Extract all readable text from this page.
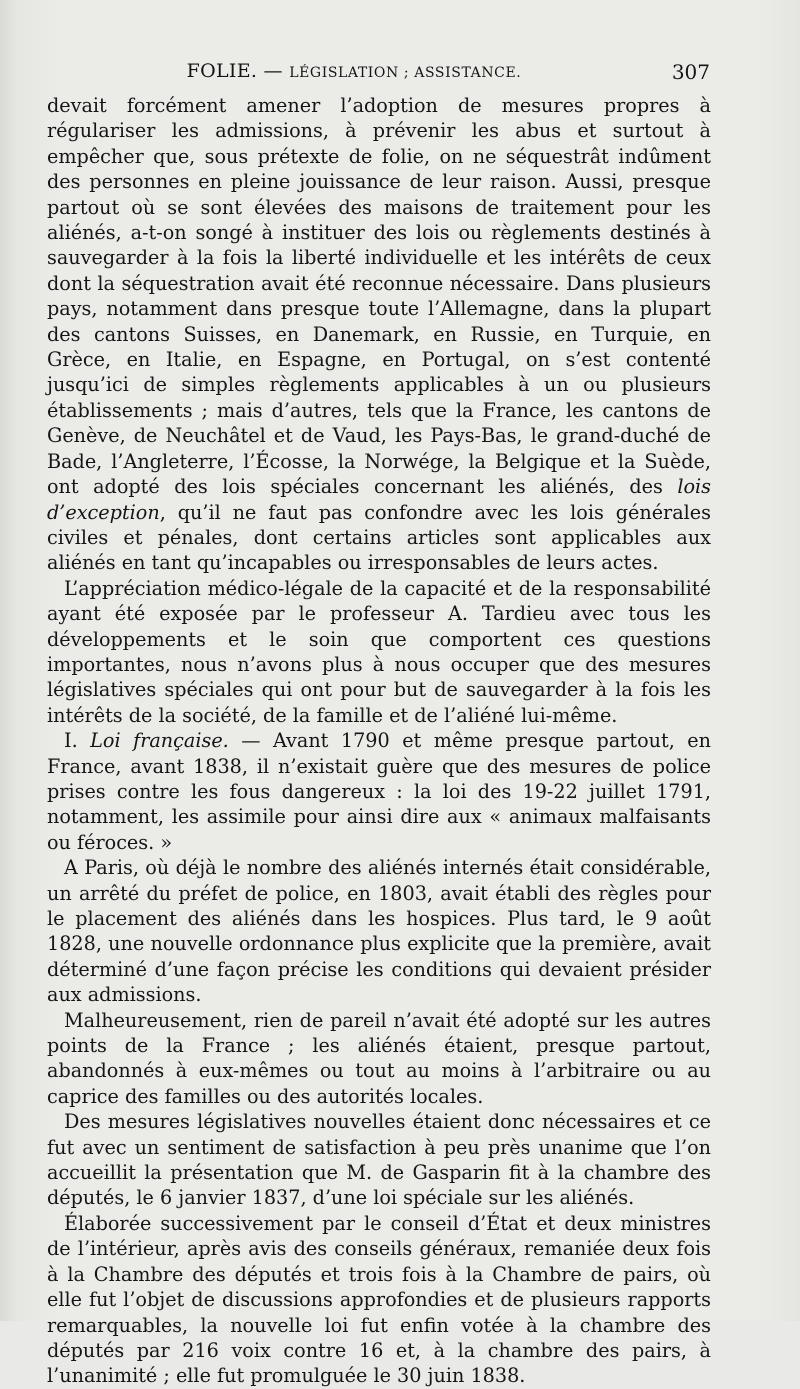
FOLIE. — LÉGISLATION ; ASSISTANCE.	307

devait forcément amener l’adoption de mesures propres à régulariser les admissions, à prévenir les abus et surtout à empêcher que, sous prétexte de folie, on ne séquestrât indûment des personnes en pleine jouissance de leur raison. Aussi, presque partout où se sont élevées des maisons de traitement pour les aliénés, a-t-on songé à instituer des lois ou règlements destinés à sauvegarder à la fois la liberté individuelle et les intérêts de ceux dont la séquestration avait été reconnue nécessaire. Dans plusieurs pays, notamment dans presque toute l’Allemagne, dans la plupart des cantons Suisses, en Danemark, en Russie, en Turquie, en Grèce, en Italie, en Espagne, en Portugal, on s’est contenté jusqu’ici de simples règlements applicables à un ou plusieurs établissements ; mais d’autres, tels que la France, les cantons de Genève, de Neuchâtel et de Vaud, les Pays-Bas, le grand-duché de Bade, l’Angleterre, l’Écosse, la Norwége, la Belgique et la Suède, ont adopté des lois spéciales concernant les aliénés, des lois d’exception, qu’il ne faut pas confondre avec les lois générales civiles et pénales, dont certains articles sont applicables aux aliénés en tant qu’incapables ou irresponsables de leurs actes.

L’appréciation médico-légale de la capacité et de la responsabilité ayant été exposée par le professeur A. Tardieu avec tous les développements et le soin que comportent ces questions importantes, nous n’avons plus à nous occuper que des mesures législatives spéciales qui ont pour but de sauvegarder à la fois les intérêts de la société, de la famille et de l’aliéné lui-même.

I. Loi française. — Avant 1790 et même presque partout, en France, avant 1838, il n’existait guère que des mesures de police prises contre les fous dangereux : la loi des 19-22 juillet 1791, notamment, les assimile pour ainsi dire aux « animaux malfaisants ou féroces. »

A Paris, où déjà le nombre des aliénés internés était considérable, un arrêté du préfet de police, en 1803, avait établi des règles pour le placement des aliénés dans les hospices. Plus tard, le 9 août 1828, une nouvelle ordonnance plus explicite que la première, avait déterminé d’une façon précise les conditions qui devaient présider aux admissions.

Malheureusement, rien de pareil n’avait été adopté sur les autres points de la France ; les aliénés étaient, presque partout, abandonnés à eux-mêmes ou tout au moins à l’arbitraire ou au caprice des familles ou des autorités locales.

Des mesures législatives nouvelles étaient donc nécessaires et ce fut avec un sentiment de satisfaction à peu près unanime que l’on accueillit la présentation que M. de Gasparin fit à la chambre des députés, le 6 janvier 1837, d’une loi spéciale sur les aliénés.

Élaborée successivement par le conseil d’État et deux ministres de l’intérieur, après avis des conseils généraux, remaniée deux fois à la Chambre des députés et trois fois à la Chambre de pairs, où elle fut l’objet de discussions approfondies et de plusieurs rapports remarquables, la nouvelle loi fut enfin votée à la chambre des députés par 216 voix contre 16 et, à la chambre des pairs, à l’unanimité ; elle fut promulguée le 30 juin 1838.
